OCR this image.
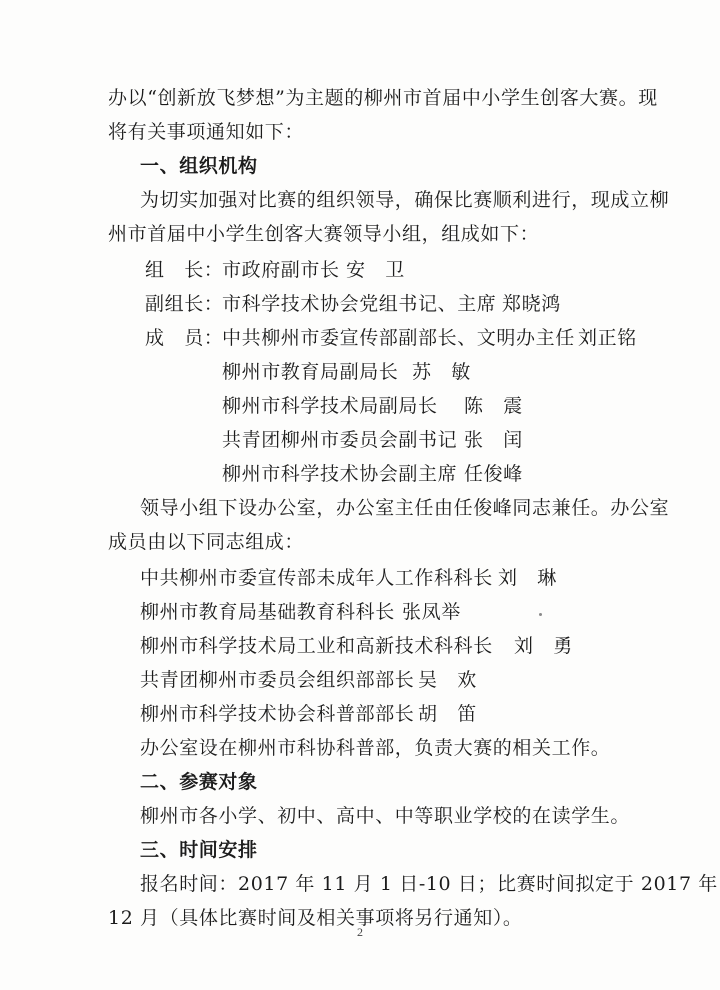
办以“创新放飞梦想”为主题的柳州市首届中小学生创客大赛。现
将有关事项通知如下：
一、组织机构
为切实加强对比赛的组织领导，确保比赛顺利进行，现成立柳
州市首届中小学生创客大赛领导小组，组成如下：
组　长：
市政府副市长 安　卫
副组长：
市科学技术协会党组书记、主席 郑晓鸿
成　员：
中共柳州市委宣传部副部长、文明办主任 刘正铭
柳州市教育局副局长 苏　敏
柳州市科学技术局副局长 陈　震
共青团柳州市委员会副书记 张　闰
柳州市科学技术协会副主席 任俊峰
领导小组下设办公室，办公室主任由任俊峰同志兼任。办公室
成员由以下同志组成：
中共柳州市委宣传部未成年人工作科科长 刘　琳
柳州市教育局基础教育科科长 张凤举
柳州市科学技术局工业和高新技术科科长 刘　勇
共青团柳州市委员会组织部部长 吴　欢
柳州市科学技术协会科普部部长 胡　笛
办公室设在柳州市科协科普部，负责大赛的相关工作。
二、参赛对象
柳州市各小学、初中、高中、中等职业学校的在读学生。
三、时间安排
报名时间：2017 年 11 月 1 日-10 日；比赛时间拟定于 2017 年
12 月（具体比赛时间及相关事项将另行通知）。
2
